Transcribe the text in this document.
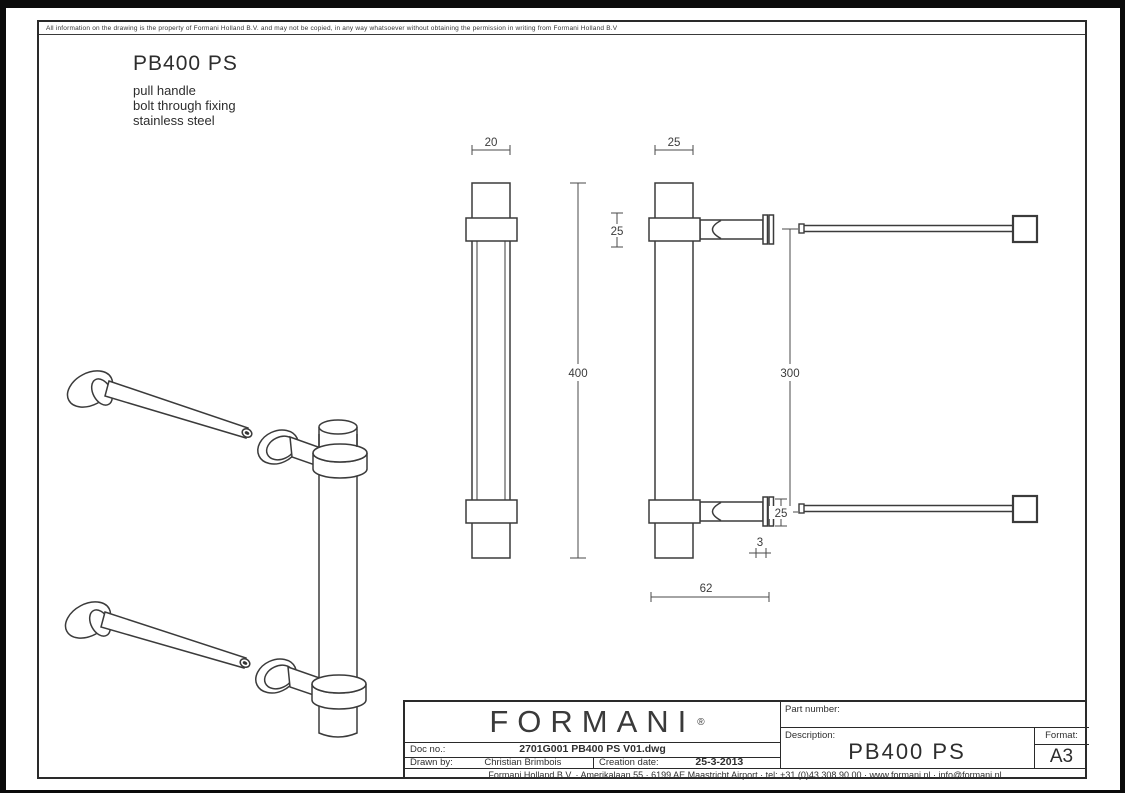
All information on the drawing is the property of Formani Holland B.V. and may not be copied, in any way whatsoever without obtaining the permission in writing from Formani Holland B.V
PB400 PS
pull handle
bolt through fixing
stainless steel
20	25
400
25
300
25
3
62
FORMANI ®
Doc no.:	2701G001 PB400 PS V01.dwg
Drawn by:	Christian Brimbois	Creation date:	25-3-2013
Part number:
Description:
PB400 PS
Format:
A3
Formani Holland B.V. · Amerikalaan 55 · 6199 AE Maastricht Airport · tel: +31 (0)43 308 90 00 · www.formani.nl · info@formani.nl
